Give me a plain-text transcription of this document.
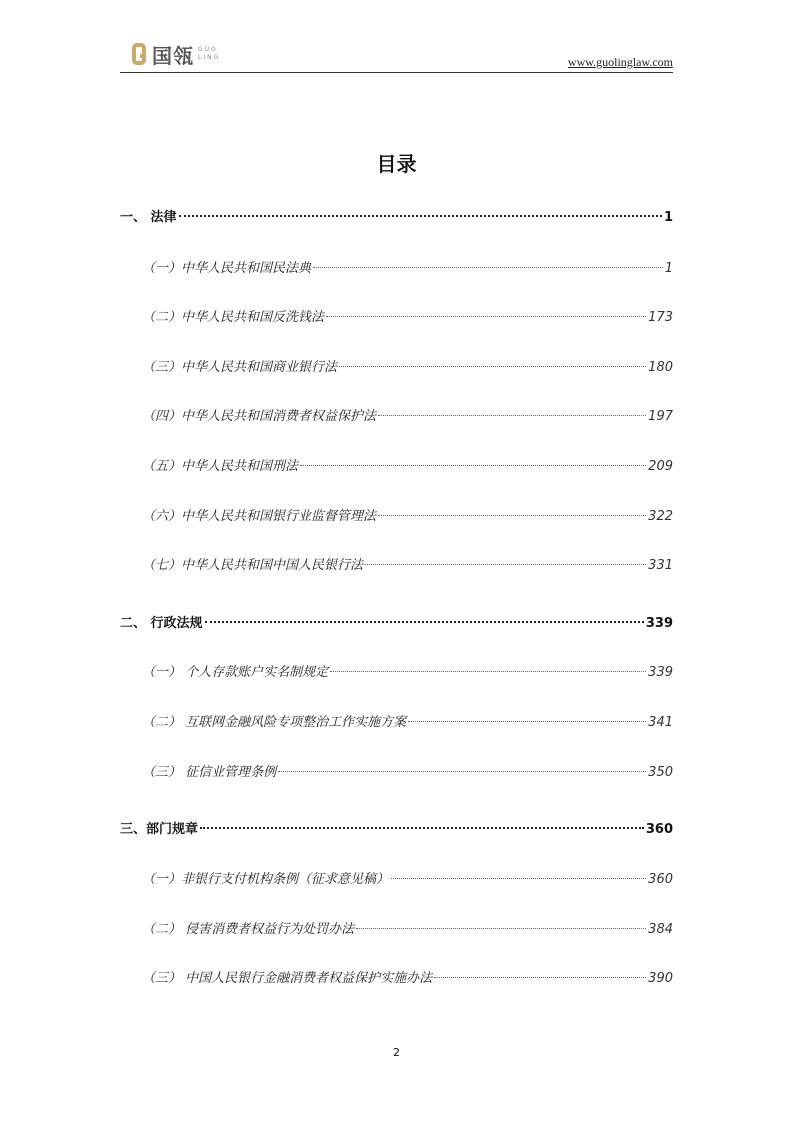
国瓴 GUO
LING	www.guolinglaw.com
目录
一、 法律	1
（一）中华人民共和国民法典	1
（二）中华人民共和国反洗钱法	173
（三）中华人民共和国商业银行法	180
（四）中华人民共和国消费者权益保护法	197
（五）中华人民共和国刑法	209
（六）中华人民共和国银行业监督管理法	322
（七）中华人民共和国中国人民银行法	331
二、 行政法规	339
（一） 个人存款账户实名制规定	339
（二） 互联网金融风险专项整治工作实施方案	341
（三） 征信业管理条例	350
三、部门规章	360
（一）非银行支付机构条例（征求意见稿）	360
（二） 侵害消费者权益行为处罚办法	384
（三） 中国人民银行金融消费者权益保护实施办法	390
2
